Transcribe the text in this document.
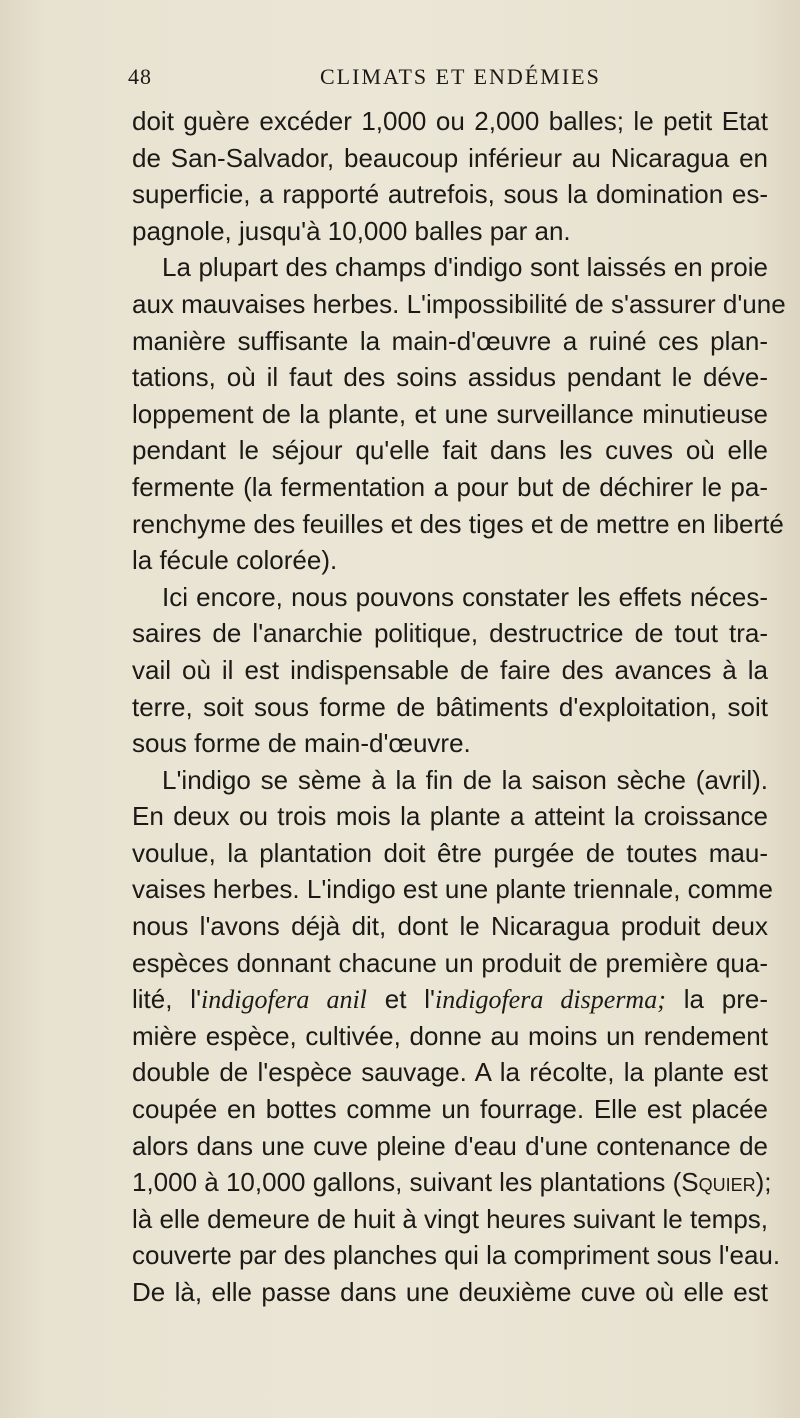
48	CLIMATS ET ENDÉMIES
doit guère excéder 1,000 ou 2,000 balles; le petit Etat
de San-Salvador, beaucoup inférieur au Nicaragua en
superficie, a rapporté autrefois, sous la domination es-
pagnole, jusqu'à 10,000 balles par an.
La plupart des champs d'indigo sont laissés en proie
aux mauvaises herbes. L'impossibilité de s'assurer d'une
manière suffisante la main-d'œuvre a ruiné ces plan-
tations, où il faut des soins assidus pendant le déve-
loppement de la plante, et une surveillance minutieuse
pendant le séjour qu'elle fait dans les cuves où elle
fermente (la fermentation a pour but de déchirer le pa-
renchyme des feuilles et des tiges et de mettre en liberté
la fécule colorée).
Ici encore, nous pouvons constater les effets néces-
saires de l'anarchie politique, destructrice de tout tra-
vail où il est indispensable de faire des avances à la
terre, soit sous forme de bâtiments d'exploitation, soit
sous forme de main-d'œuvre.
L'indigo se sème à la fin de la saison sèche (avril).
En deux ou trois mois la plante a atteint la croissance
voulue, la plantation doit être purgée de toutes mau-
vaises herbes. L'indigo est une plante triennale, comme
nous l'avons déjà dit, dont le Nicaragua produit deux
espèces donnant chacune un produit de première qua-
lité, l'indigofera anil et l'indigofera disperma; la pre-
mière espèce, cultivée, donne au moins un rendement
double de l'espèce sauvage. A la récolte, la plante est
coupée en bottes comme un fourrage. Elle est placée
alors dans une cuve pleine d'eau d'une contenance de
1,000 à 10,000 gallons, suivant les plantations (Squier);
là elle demeure de huit à vingt heures suivant le temps,
couverte par des planches qui la compriment sous l'eau.
De là, elle passe dans une deuxième cuve où elle est
